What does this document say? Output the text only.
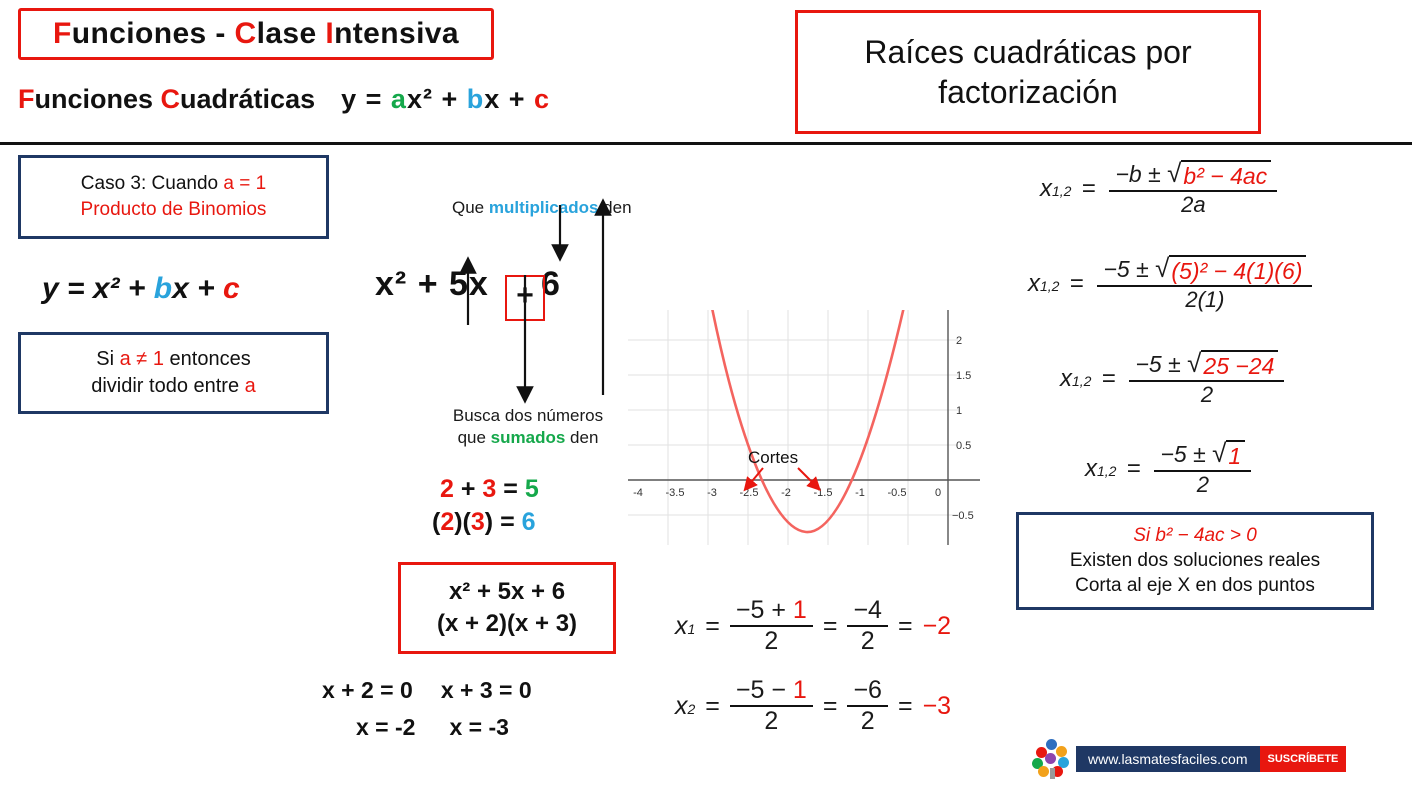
Funciones - Clase Intensiva
Funciones Cuadráticas y = ax² + bx + c
Raíces cuadráticas por factorización
Caso 3: Cuando a = 1
Producto de Binomios
y = x² + bx + c
Si a ≠ 1 entonces
dividir todo entre a
Que multiplicados den
x² + 5x 6
+
Busca dos números
que sumados den
2 + 3 = 5
(2)(3) = 6
x² + 5x + 6
(x + 2)(x + 3)
x + 2 = 0 x + 3 = 0
x = -2 x = -3
-4 -3.5 -3 -2.5 -2 -1.5 -1 -0.5	0
2
1.5
1
0.5
−0.5
Cortes
$x1,2 = \frac{\text{−b ± √ b² − 4ac}}{2a}$
$x1,2 = \frac{\text{−5 ± √ (5)² − 4(1)(6)}}{2(1)}$
$x1,2 = \frac{-5 \pm √ 25 -24}{2}$
$x1,2 = \frac{-5 \pm √ 1}{2}$
Si b² − 4ac > 0
Existen dos soluciones reales
Corta al eje X en dos puntos
$x1 = \frac{-5 + 1}{2} = \frac{-4}{2} = -2$
$x2 = \frac{-5 - 1}{2} = \frac{-6}{2} = -3$
www.lasmatesfaciles.com SUSCRÍBETE
